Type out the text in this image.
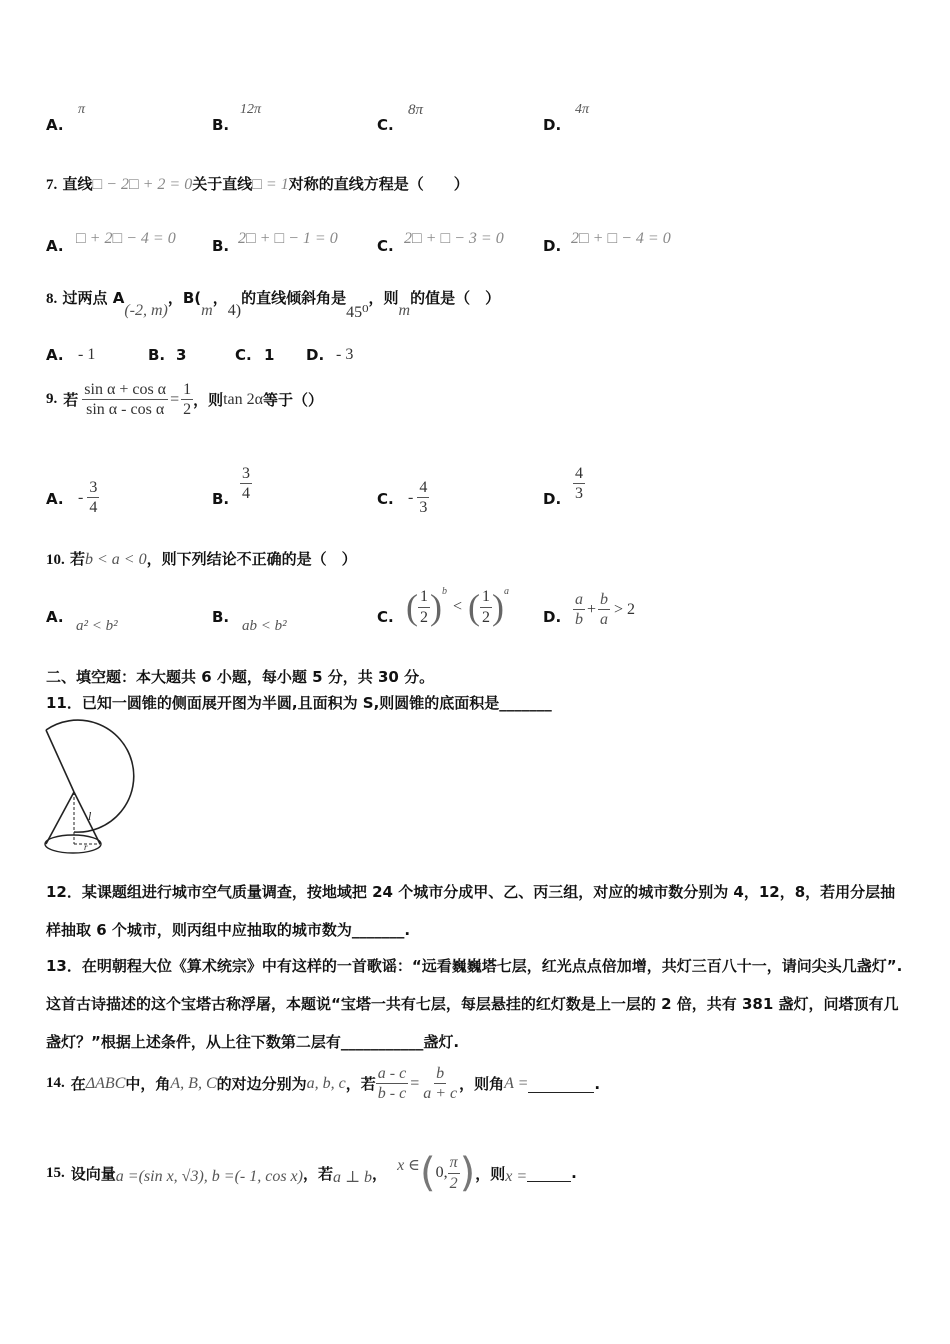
A.
π
B.
12π
C.
8π
D.
4π
7. 直线□ − 2□ + 2 = 0关于直线□ = 1对称的直线方程是（　　）
A. □ + 2□ − 4 = 0 B. 2□ + □ − 1 = 0	C. 2□ + □ − 3 = 0	D. 2□ + □ − 4 = 0
8. 过两点 A(-2, m)，B(m，4)的直线倾斜角是45⁰，则m的值是（　）
A. - 1	B. 3	C. 1 D. - 3
9. 若 $\frac{\text{sin α + cos α}}{\text{sin α - cos α}} = \frac{1}{2}$ ，则 tan 2α 等于（）
A. - $\frac{3}{4}$	B. $\frac{3}{4}$	C. - $\frac{4}{3}$	D. $\frac{4}{3}$
10. 若b < a < 0，则下列结论不正确的是（　）
A. a² < b²	B. ab < b²	C. ( $\frac{1}{2} )^b$
< ( $\frac{1}{2} )^a$
D. $\frac{a}{b} + \frac{b}{a} > 2$
二、填空题：本大题共 6 小题，每小题 5 分，共 30 分。
11．已知一圆锥的侧面展开图为半圆,且面积为 S,则圆锥的底面积是_______
l
r
12．某课题组进行城市空气质量调查，按地域把 24 个城市分成甲、乙、丙三组，对应的城市数分别为 4，12，8，若用分层抽样抽取 6 个城市，则丙组中应抽取的城市数为_______.
13．在明朝程大位《算术统宗》中有这样的一首歌谣：“远看巍巍塔七层，红光点点倍加增，共灯三百八十一，请问尖头几盏灯”.这首古诗描述的这个宝塔古称浮屠，本题说“宝塔一共有七层，每层悬挂的红灯数是上一层的 2 倍，共有 381 盏灯，问塔顶有几盏灯？”根据上述条件，从上往下数第二层有___________盏灯.
14. 在 ΔABC 中，角 A, B, C 的对边分别为 a, b, c ，若 $\frac{a - c}{b - c} = \frac{b}{a + c}$ ，则角 A =	.
15. 设向量 a =(sin x, √3), b =(- 1, cos x) ，若 a ⊥ b ， x ∈ ( 0, $\frac{\pi}{2}$ ) ，则 x =	.
